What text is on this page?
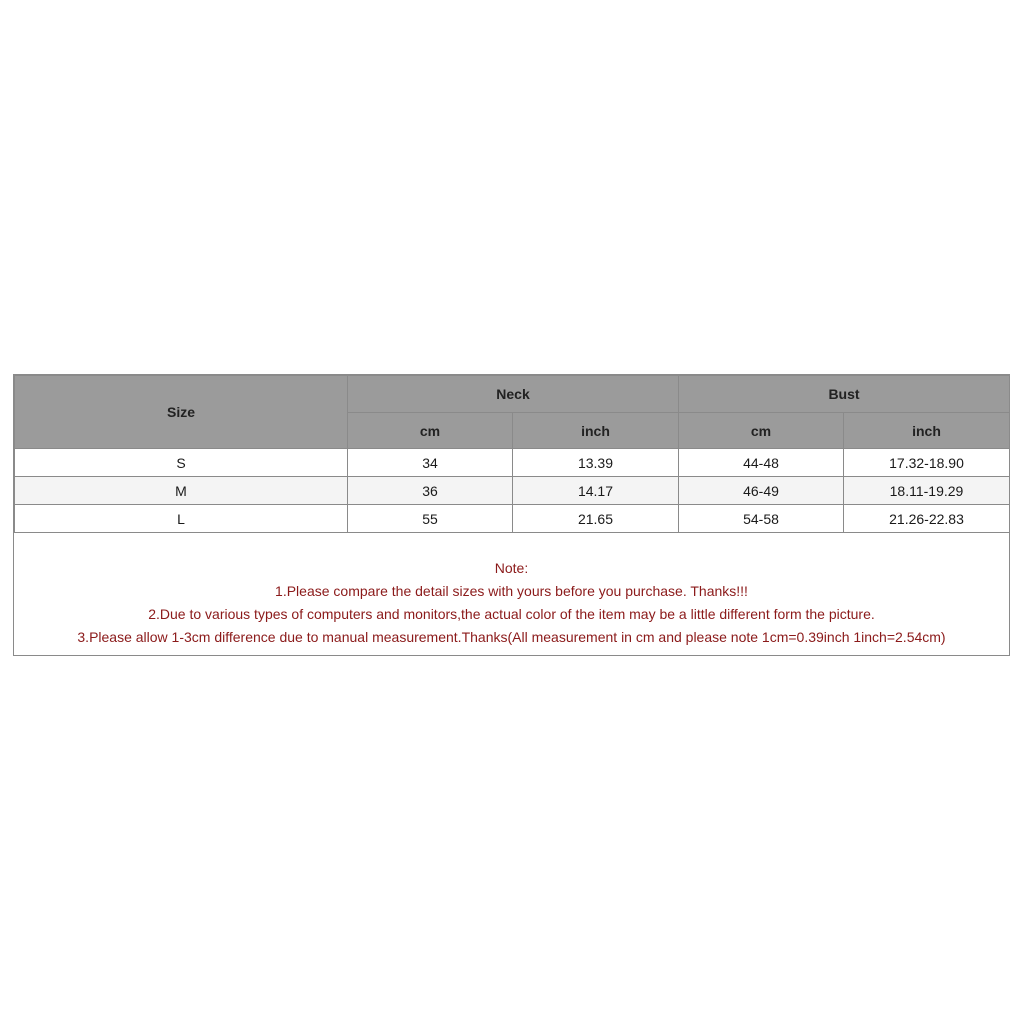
Size	Neck		Bust	
	cm	inch	cm	inch
S	34	13.39	44-48	17.32-18.90
M	36	14.17	46-49	18.11-19.29
L	55	21.65	54-58	21.26-22.83
Note:
1.Please compare the detail sizes with yours before you purchase. Thanks!!!
2.Due to various types of computers and monitors,the actual color of the item may be a little different form the picture.
3.Please allow 1-3cm difference due to manual measurement.Thanks(All measurement in cm and please note 1cm=0.39inch 1inch=2.54cm)
